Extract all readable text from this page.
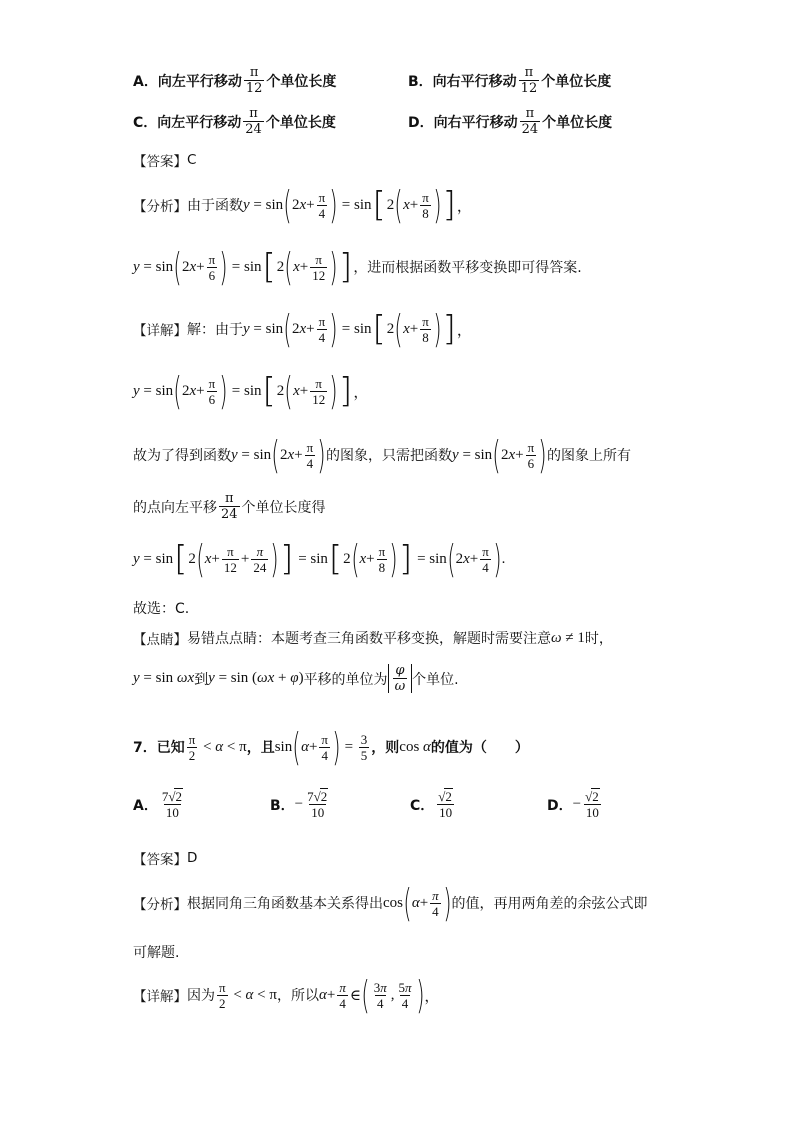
A． 向左平行移动 $\frac{\pi}{12}$ 个单位长度	B． 向右平行移动 $\frac{\pi}{12}$ 个单位长度
C． 向左平行移动 $\frac{\pi}{24}$ 个单位长度	D． 向右平行移动 $\frac{\pi}{24}$ 个单位长度
【答案】 C
【分析】 由于函数 y = sin ( 2 $x + \frac{\pi}{4}$ ) = sin [ 2 ( $x + \frac{\pi}{8}$ ) ] ，
y = sin ( 2 $x + \frac{\pi}{6}$ ) = sin [ 2 ( $x + \frac{\pi}{12}$ ) ] ，进而根据函数平移变换即可得答案.
【详解】 解：由于 y = sin ( 2 $x + \frac{\pi}{4}$ ) = sin [ 2 ( $x + \frac{\pi}{8}$ ) ] ，
y = sin ( 2 $x + \frac{\pi}{6}$ ) = sin [ 2 ( $x + \frac{\pi}{12}$ ) ] ，
故为了得到函数 y = sin ( 2 $x + \frac{\pi}{4}$ ) 的图象，只需把函数 y = sin ( 2 $x + \frac{\pi}{6}$ ) 的图象上所有
的点向左平移 $\frac{\pi}{24}$ 个单位长度得
y = sin [ 2 ( $x + \frac{\pi}{12} + \frac{\pi}{24}$ ) ] = sin [ 2 ( $x + \frac{\pi}{8}$ ) ] = sin ( 2 $x + \frac{\pi}{4}$ ) .
故选：C.
【点睛】 易错点点睛：本题考查三角函数平移变换，解题时需要注意 ω ≠ 1 时，
y = sin ωx 到 y = sin ( ωx + φ ) 平移的单位为 $\frac{\varphi}{\omega}$ 个单位.
7．已知 $\frac{\pi}{2} < \alpha < \pi$ ，且 sin ( $\alpha + \frac{\pi}{4}$ ) = $\frac{3}{5}$ ，则 cos α 的值为（　　）
A． $\frac{7√2}{10}$	B． − $\frac{7√2}{10}$	C． $\frac{√2}{10}$	D． − $\frac{√2}{10}$
【答案】 D
【分析】 根据同角三角函数基本关系得出 cos ( $\alpha + \frac{\pi}{4}$ ) 的值，再用两角差的余弦公式即
可解题.
【详解】 因为 $\frac{\pi}{2} < \alpha < \pi$ ，所以 $\alpha + \frac{\pi}{4}$ ∈ ( $\frac{3\pi}{4}$ , $\frac{5\pi}{4}$ ) ，
